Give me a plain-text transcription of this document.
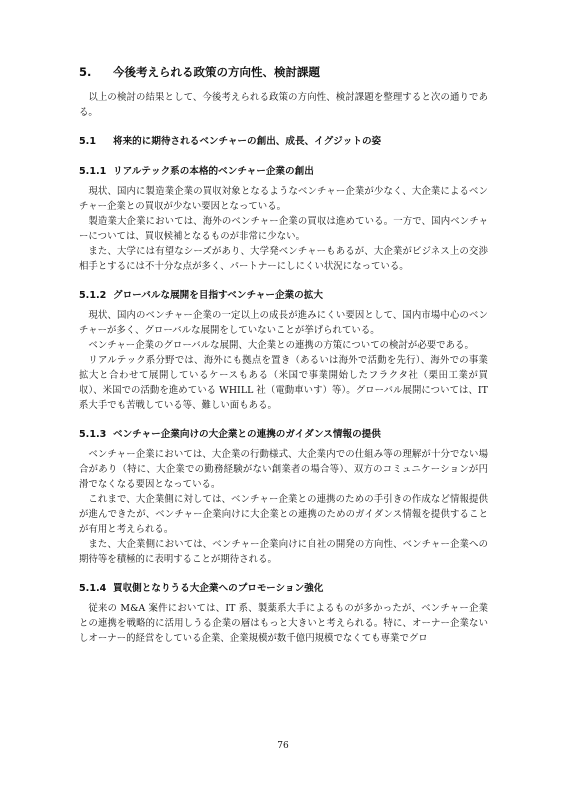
5. 今後考えられる政策の方向性、検討課題

以上の検討の結果として、今後考えられる政策の方向性、検討課題を整理すると次の通りである。

5.1 将来的に期待されるベンチャーの創出、成長、イグジットの姿
5.1.1 リアルテック系の本格的ベンチャー企業の創出

現状、国内に製造業企業の買収対象となるようなベンチャー企業が少なく、大企業によるベンチャー企業との買収が少ない要因となっている。

製造業大企業においては、海外のベンチャー企業の買収は進めている。一方で、国内ベンチャーについては、買収候補となるものが非常に少ない。

また、大学には有望なシーズがあり、大学発ベンチャーもあるが、大企業がビジネス上の交渉相手とするには不十分な点が多く、パートナーにしにくい状況になっている。

5.1.2 グローバルな展開を目指すベンチャー企業の拡大

現状、国内のベンチャー企業の一定以上の成長が進みにくい要因として、国内市場中心のベンチャーが多く、グローバルな展開をしていないことが挙げられている。

ベンチャー企業のグローバルな展開、大企業との連携の方策についての検討が必要である。

リアルテック系分野では、海外にも拠点を置き（あるいは海外で活動を先行）、海外での事業拡大と合わせて展開しているケースもある（米国で事業開始したフラクタ社（栗田工業が買収）、米国での活動を進めている WHILL 社（電動車いす）等）。グローバル展開については、IT 系大手でも苦戦している等、難しい面もある。

5.1.3 ベンチャー企業向けの大企業との連携のガイダンス情報の提供

ベンチャー企業においては、大企業の行動様式、大企業内での仕組み等の理解が十分でない場合があり（特に、大企業での勤務経験がない創業者の場合等）、双方のコミュニケーションが円滑でなくなる要因となっている。

これまで、大企業側に対しては、ベンチャー企業との連携のための手引きの作成など情報提供が進んできたが、ベンチャー企業向けに大企業との連携のためのガイダンス情報を提供することが有用と考えられる。

また、大企業側においては、ベンチャー企業向けに自社の開発の方向性、ベンチャー企業への期待等を積極的に表明することが期待される。

5.1.4 買収側となりうる大企業へのプロモーション強化

従来の M&A 案件においては、IT 系、製薬系大手によるものが多かったが、ベンチャー企業との連携を戦略的に活用しうる企業の層はもっと大きいと考えられる。特に、オーナー企業ないしオーナー的経営をしている企業、企業規模が数千億円規模でなくても専業でグロ

76
